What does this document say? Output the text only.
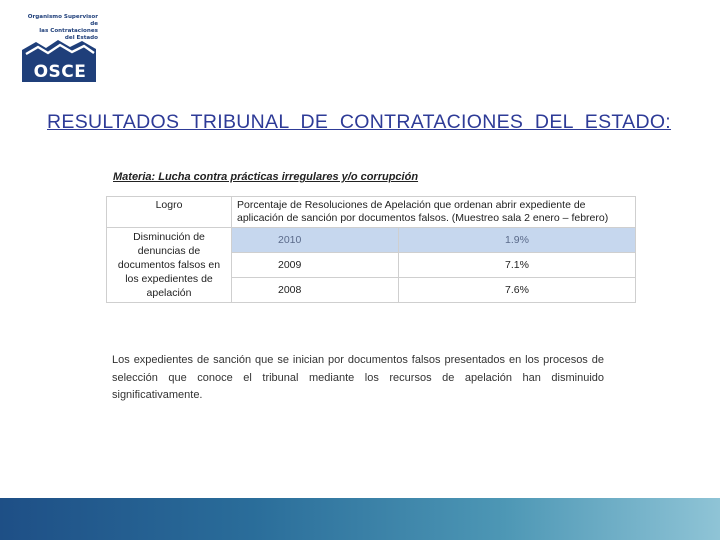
Organismo Supervisor de
las Contrataciones
del Estado
OSCE
RESULTADOS TRIBUNAL DE CONTRATACIONES DEL ESTADO:
Materia: Lucha contra prácticas irregulares y/o corrupción
Logro	Porcentaje de Resoluciones de Apelación que ordenan abrir expediente de aplicación de sanción por documentos falsos. (Muestreo sala 2 enero – febrero)	
Disminución de denuncias de documentos falsos en los expedientes de apelación	2010	1.9%
	2009	7.1%
	2008	7.6%
Los expedientes de sanción que se inician por documentos falsos presentados en los procesos de selección que conoce el tribunal mediante los recursos de apelación han disminuido significativamente.
